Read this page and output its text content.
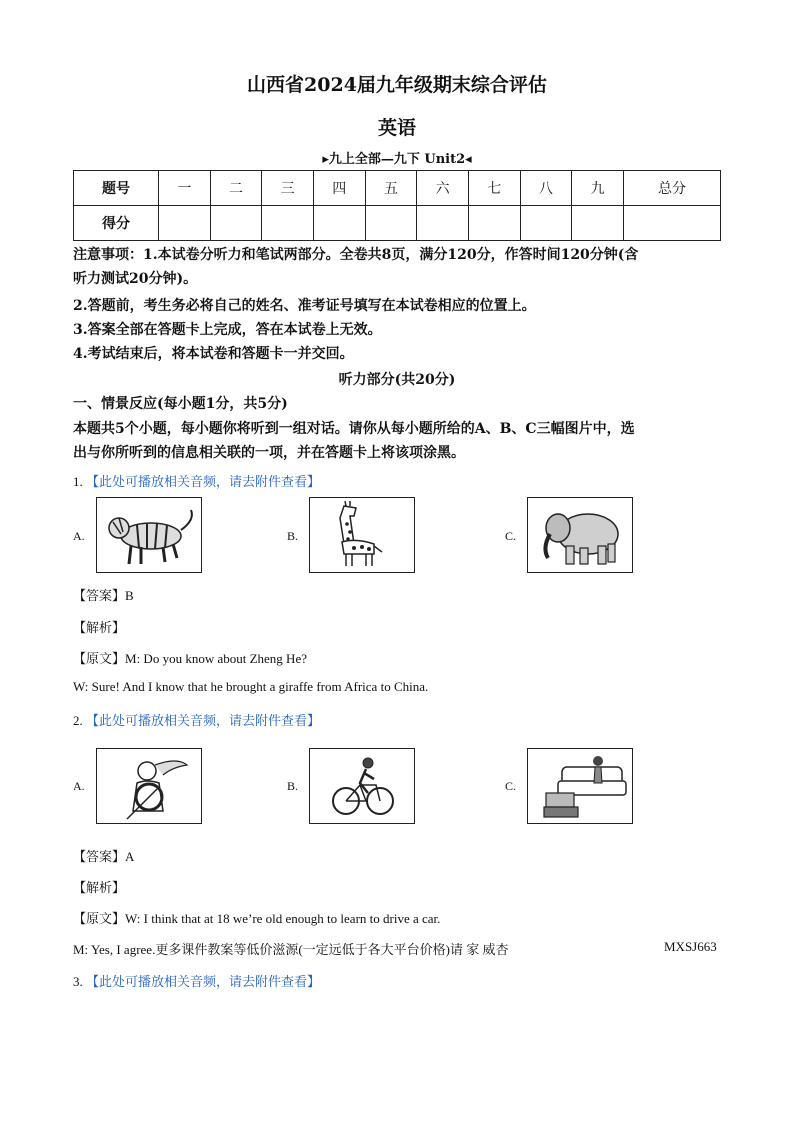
山西省2024届九年级期末综合评估
英语
▸九上全部—九下 Unit2◂
题号	一	二	三	四	五	六	七	八	九	总分
得分										
注意事项：1.本试卷分听力和笔试两部分。全卷共8页，满分120分，作答时间120分钟(含
听力测试20分钟)。
2.答题前，考生务必将自己的姓名、准考证号填写在本试卷相应的位置上。
3.答案全部在答题卡上完成，答在本试卷上无效。
4.考试结束后，将本试卷和答题卡一并交回。
听力部分(共20分)
一、情景反应(每小题1分，共5分)
本题共5个小题，每小题你将听到一组对话。请你从每小题所给的A、B、C三幅图片中，选
出与你所听到的信息相关联的一项，并在答题卡上将该项涂黑。
1. 【此处可播放相关音频，请去附件查看】
A.	B.	C.
【答案】B
【解析】
【原文】M: Do you know about Zheng He?
W: Sure! And I know that he brought a giraffe from Africa to China.
2. 【此处可播放相关音频，请去附件查看】
A.	B.	C.
【答案】A
【解析】
【原文】W: I think that at 18 we’re old enough to learn to drive a car.
M: Yes, I agree.更多课件教案等低价滋源(一定远低于各大平台价格)请 家 威杏	MXSJ663
3. 【此处可播放相关音频，请去附件查看】
